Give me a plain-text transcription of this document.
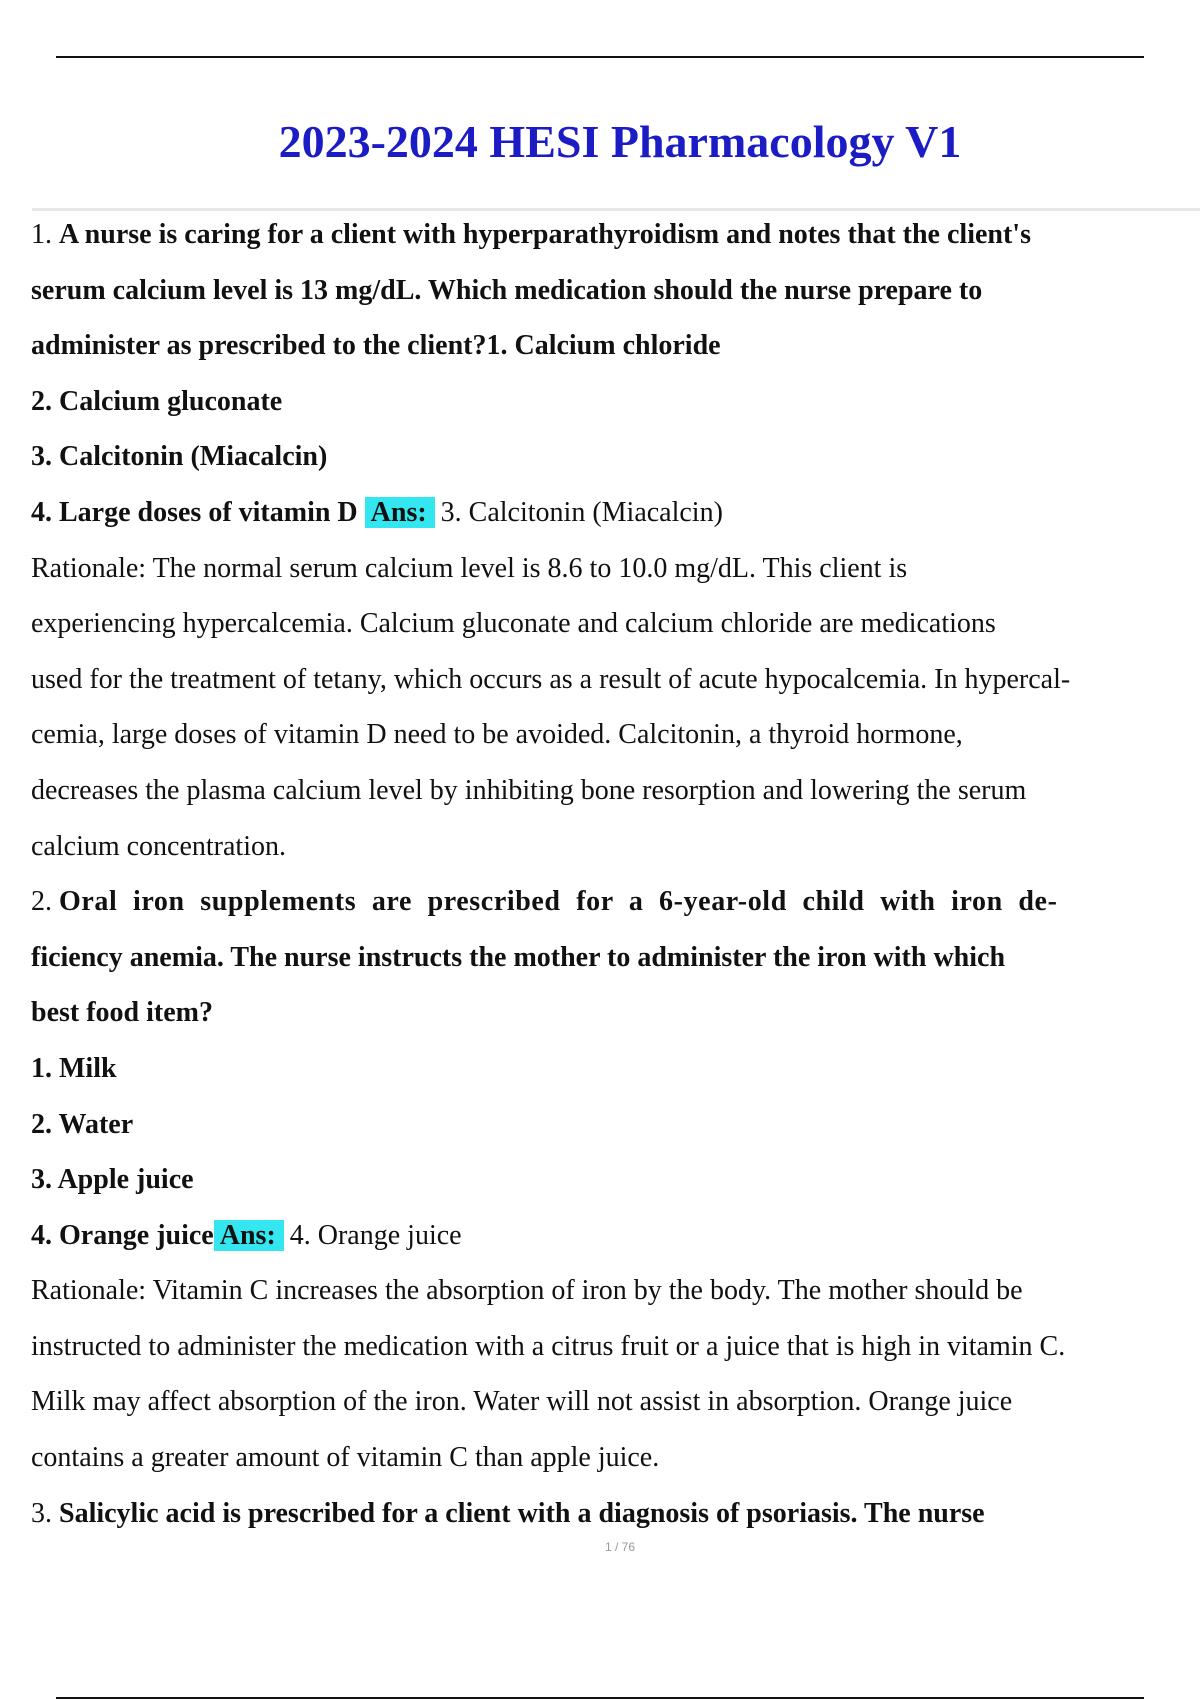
2023-2024 HESI Pharmacology V1
1. A nurse is caring for a client with hyperparathyroidism and notes that the client's
serum calcium level is 13 mg/dL. Which medication should the nurse prepare to
administer as prescribed to the client?1. Calcium chloride
2. Calcium gluconate
3. Calcitonin (Miacalcin)
4. Large doses of vitamin D Ans: 3. Calcitonin (Miacalcin)
Rationale: The normal serum calcium level is 8.6 to 10.0 mg/dL. This client is
experiencing hypercalcemia. Calcium gluconate and calcium chloride are medications
used for the treatment of tetany, which occurs as a result of acute hypocalcemia. In hypercal-
cemia, large doses of vitamin D need to be avoided. Calcitonin, a thyroid hormone,
decreases the plasma calcium level by inhibiting bone resorption and lowering the serum
calcium concentration.
2. Oral iron supplements are prescribed for a 6-year-old child with iron de-
ficiency anemia. The nurse instructs the mother to administer the iron with which
best food item?
1. Milk
2. Water
3. Apple juice
4. Orange juice Ans: 4. Orange juice
Rationale: Vitamin C increases the absorption of iron by the body. The mother should be
instructed to administer the medication with a citrus fruit or a juice that is high in vitamin C.
Milk may affect absorption of the iron. Water will not assist in absorption. Orange juice
contains a greater amount of vitamin C than apple juice.
3. Salicylic acid is prescribed for a client with a diagnosis of psoriasis. The nurse
1 / 76
